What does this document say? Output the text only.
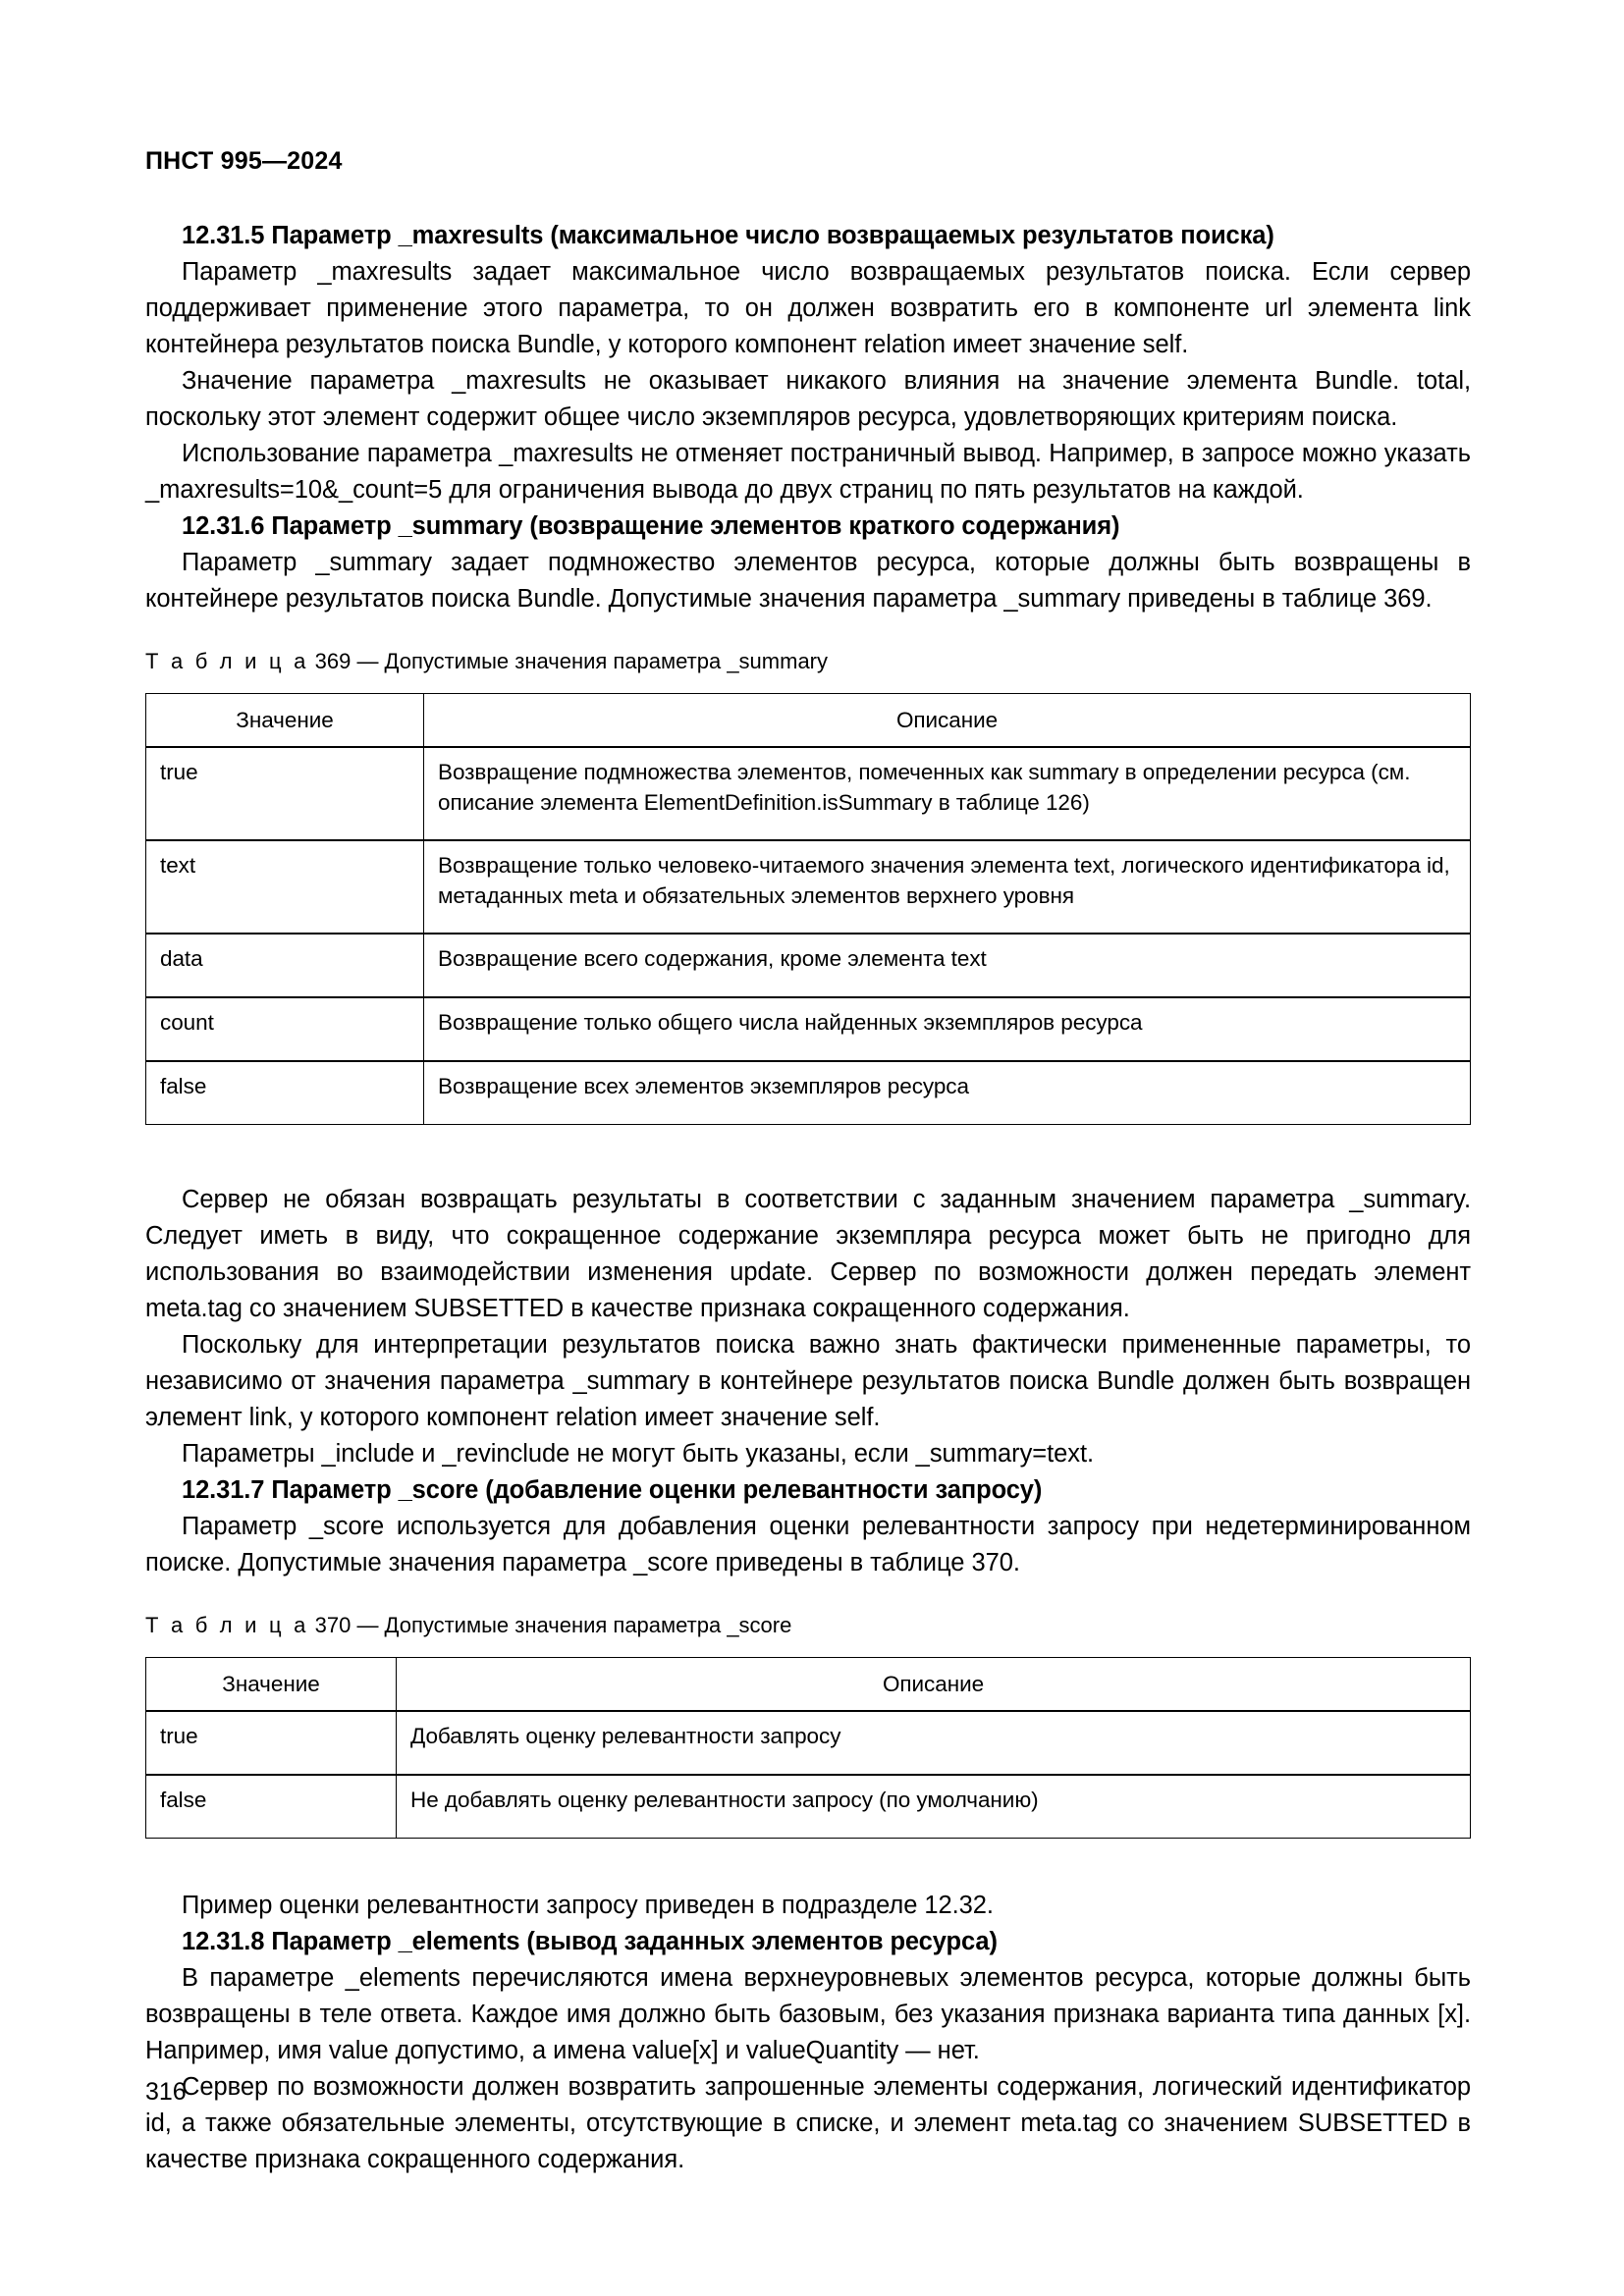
ПНСТ 995—2024
12.31.5 Параметр _maxresults (максимальное число возвращаемых результатов поиска)

Параметр _maxresults задает максимальное число возвращаемых результатов поиска. Если сервер поддерживает применение этого параметра, то он должен возвратить его в компоненте url элемента link контейнера результатов поиска Bundle, у которого компонент relation имеет значение self.

Значение параметра _maxresults не оказывает никакого влияния на значение элемента Bundle. total, поскольку этот элемент содержит общее число экземпляров ресурса, удовлетворяющих критериям поиска.

Использование параметра _maxresults не отменяет постраничный вывод. Например, в запросе можно указать _maxresults=10&_count=5 для ограничения вывода до двух страниц по пять результатов на каждой.

12.31.6 Параметр _summary (возвращение элементов краткого содержания)

Параметр _summary задает подмножество элементов ресурса, которые должны быть возвращены в контейнере результатов поиска Bundle. Допустимые значения параметра _summary приведены в таблице 369.

Т а б л и ц а 369 — Допустимые значения параметра _summary
Значение	Описание
true	Возвращение подмножества элементов, помеченных как summary в определении ресурса (см. описание элемента ElementDefinition.isSummary в таблице 126)
text	Возвращение только человеко-читаемого значения элемента text, логического идентификатора id, метаданных meta и обязательных элементов верхнего уровня
data	Возвращение всего содержания, кроме элемента text
count	Возвращение только общего числа найденных экземпляров ресурса
false	Возвращение всех элементов экземпляров ресурса

Сервер не обязан возвращать результаты в соответствии с заданным значением параметра _summary. Следует иметь в виду, что сокращенное содержание экземпляра ресурса может быть не пригодно для использования во взаимодействии изменения update. Сервер по возможности должен передать элемент meta.tag со значением SUBSETTED в качестве признака сокращенного содержания.

Поскольку для интерпретации результатов поиска важно знать фактически примененные параметры, то независимо от значения параметра _summary в контейнере результатов поиска Bundle должен быть возвращен элемент link, у которого компонент relation имеет значение self.

Параметры _include и _revinclude не могут быть указаны, если _summary=text.

12.31.7 Параметр _score (добавление оценки релевантности запросу)

Параметр _score используется для добавления оценки релевантности запросу при недетерминированном поиске. Допустимые значения параметра _score приведены в таблице 370.

Т а б л и ц а 370 — Допустимые значения параметра _score
Значение	Описание
true	Добавлять оценку релевантности запросу
false	Не добавлять оценку релевантности запросу (по умолчанию)

Пример оценки релевантности запросу приведен в подразделе 12.32.

12.31.8 Параметр _elements (вывод заданных элементов ресурса)

В параметре _elements перечисляются имена верхнеуровневых элементов ресурса, которые должны быть возвращены в теле ответа. Каждое имя должно быть базовым, без указания признака варианта типа данных [x]. Например, имя value допустимо, а имена value[x] и valueQuantity — нет.

Сервер по возможности должен возвратить запрошенные элементы содержания, логический идентификатор id, а также обязательные элементы, отсутствующие в списке, и элемент meta.tag со значением SUBSETTED в качестве признака сокращенного содержания.

316
